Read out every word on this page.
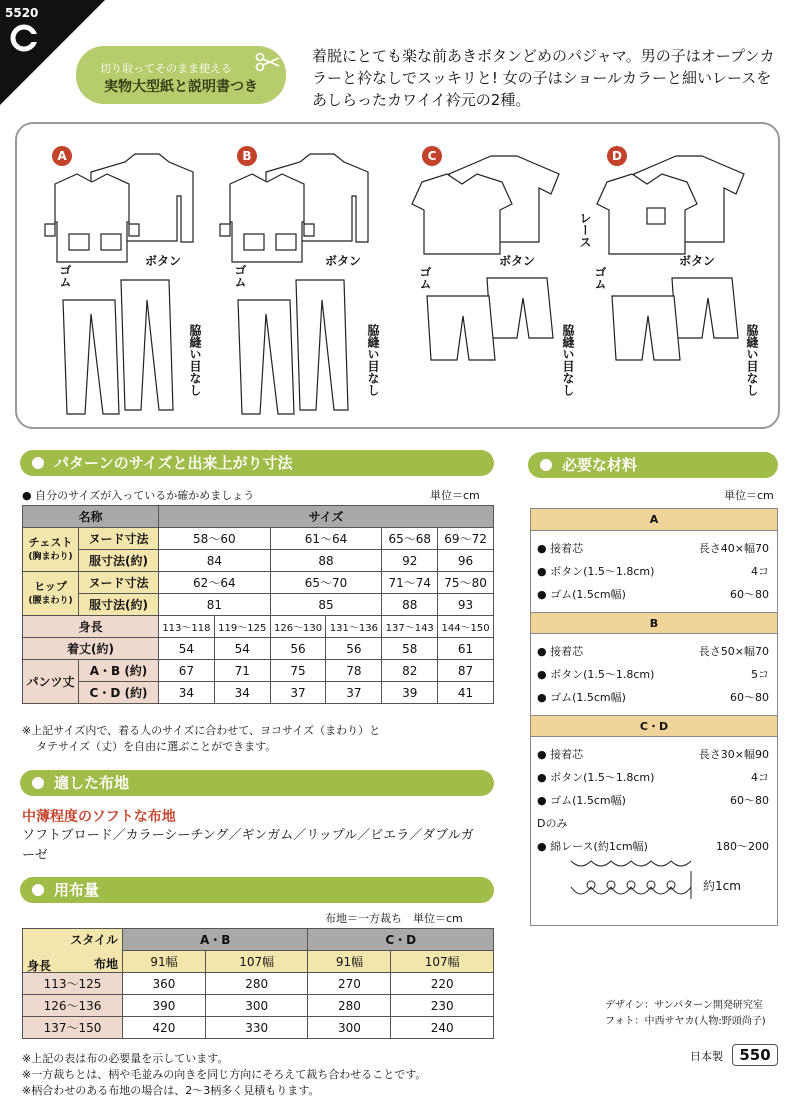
5520
切り取ってそのまま使える
実物大型紙と説明書つき
着脱にとても楽な前あきボタンどめのパジャマ。男の子はオープンカラーと衿なしでスッキリと! 女の子はショールカラーと細いレースをあしらったカワイイ衿元の2種。
A	B	C	D
ボタン	ボタン	ボタン	ボタン
ゴム	ゴム	ゴム	ゴム
脇縫い目なし	脇縫い目なし	脇縫い目なし	脇縫い目なし
レース
パターンのサイズと出来上がり寸法
● 自分のサイズが入っているか確かめましょう	単位＝cm
名称		サイズ					
チェスト
(胸まわり)	ヌード寸法	58〜60		61〜64		65〜68	69〜72
	服寸法(約)	84		88		92	96
ヒップ
(腰まわり)	ヌード寸法	62〜64		65〜70		71〜74	75〜80
	服寸法(約)	81		85		88	93
身長		113〜118	119〜125	126〜130	131〜136	137〜143	144〜150
着丈(約)		54	54	56	56	58	61
パンツ丈	A・B (約)	67	71	75	78	82	87
	C・D (約)	34	34	37	37	39	41
※上記サイズ内で、着る人のサイズに合わせて、ヨコサイズ（まわり）と
タテサイズ（丈）を自由に選ぶことができます。
適した布地
中薄程度のソフトな布地
ソフトブロード／カラーシーチング／ギンガム／リップル／ビエラ／ダブルガーゼ
用布量
布地＝一方裁ち　単位＝cm
スタイル
布地
身長	A・B		C・D	
	91幅	107幅	91幅	107幅
113〜125	360	280	270	220
126〜136	390	300	280	230
137〜150	420	330	300	240
※上記の表は布の必要量を示しています。
※一方裁ちとは、柄や毛並みの向きを同じ方向にそろえて裁ち合わせることです。
※柄合わせのある布地の場合は、2〜3柄多く見積もります。
必要な材料
単位＝cm
A
● 接着芯	長さ40×幅70
● ボタン(1.5〜1.8cm)	4コ
● ゴム(1.5cm幅)	60〜80
B
● 接着芯	長さ50×幅70
● ボタン(1.5〜1.8cm)	5コ
● ゴム(1.5cm幅)	60〜80
C・D
● 接着芯	長さ30×幅90
● ボタン(1.5〜1.8cm)	4コ
● ゴム(1.5cm幅)	60〜80
Dのみ
● 綿レース(約1cm幅)	180〜200
約1cm
デザイン：サンパターン開発研究室
フォト：中西サヤカ(人物:野頭尚子)
日本製	550
